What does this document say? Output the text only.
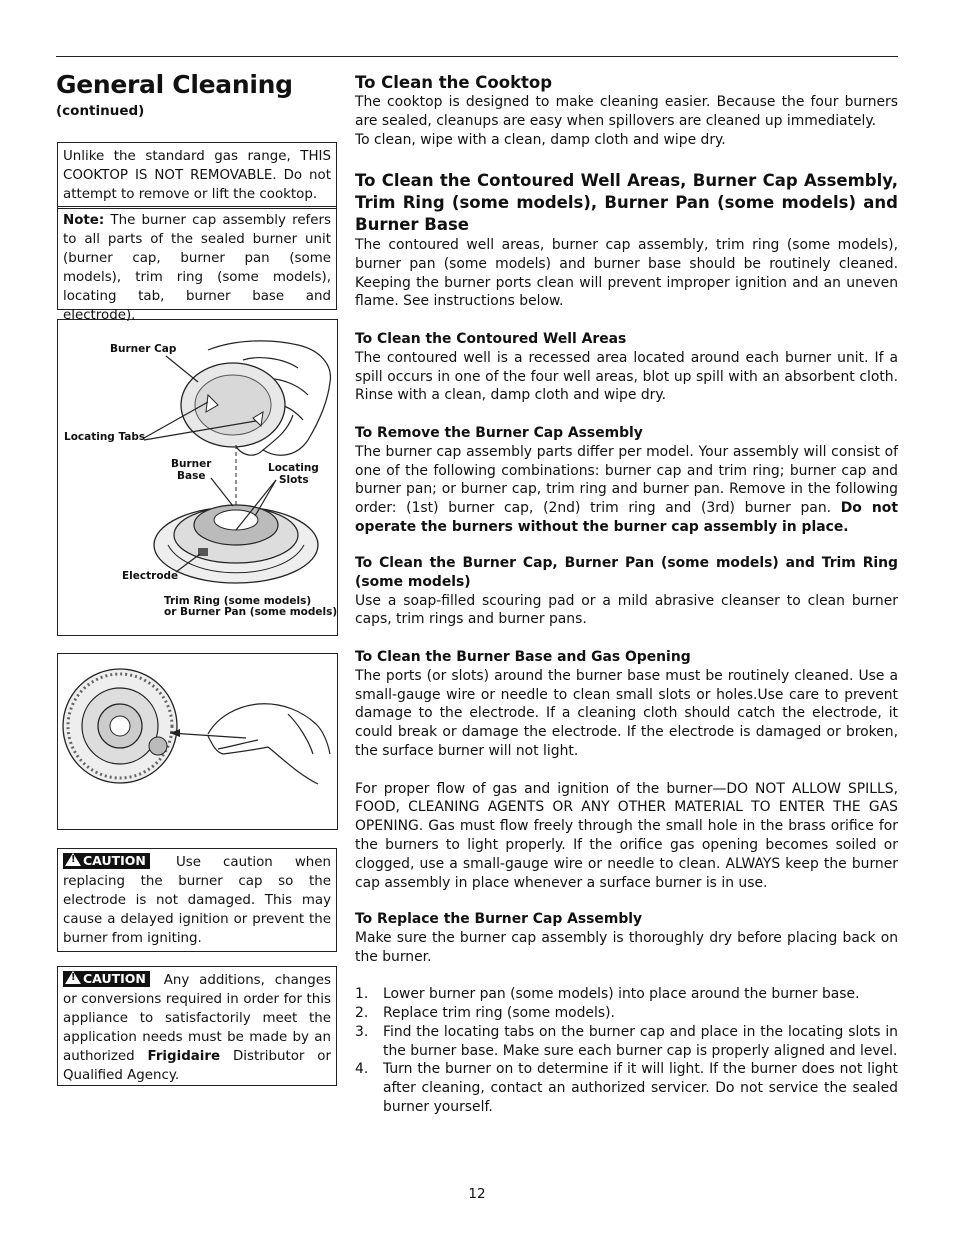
General Cleaning
(continued)
Unlike the standard gas range, THIS COOKTOP IS NOT REMOVABLE. Do not attempt to remove or lift the cooktop.
Note: The burner cap assembly refers to all parts of the sealed burner unit (burner cap, burner pan (some models), trim ring (some models), locating tab, burner base and electrode).
Burner Cap
Locating Tabs
Burner
Base
Locating
Slots
Electrode
Trim Ring (some models)
or Burner Pan (some models)
! CAUTION Use caution when replacing the burner cap so the electrode is not damaged. This may cause a delayed ignition or prevent the burner from igniting.
! CAUTION Any additions, changes or conversions required in order for this appliance to satisfactorily meet the application needs must be made by an authorized Frigidaire Distributor or Qualified Agency.
To Clean the Cooktop

The cooktop is designed to make cleaning easier. Because the four burners are sealed, cleanups are easy when spillovers are cleaned up immediately.

To clean, wipe with a clean, damp cloth and wipe dry.

To Clean the Contoured Well Areas, Burner Cap Assembly, Trim Ring (some models), Burner Pan (some models) and Burner Base

The contoured well areas, burner cap assembly, trim ring (some models), burner pan (some models) and burner base should be routinely cleaned. Keeping the burner ports clean will prevent improper ignition and an uneven flame. See instructions below.

To Clean the Contoured Well Areas

The contoured well is a recessed area located around each burner unit. If a spill occurs in one of the four well areas, blot up spill with an absorbent cloth. Rinse with a clean, damp cloth and wipe dry.

To Remove the Burner Cap Assembly

The burner cap assembly parts differ per model. Your assembly will consist of one of the following combinations: burner cap and trim ring; burner cap and burner pan; or burner cap, trim ring and burner pan. Remove in the following order: (1st) burner cap, (2nd) trim ring and (3rd) burner pan. Do not operate the burners without the burner cap assembly in place.

To Clean the Burner Cap, Burner Pan (some models) and Trim Ring (some models)

Use a soap-filled scouring pad or a mild abrasive cleanser to clean burner caps, trim rings and burner pans.

To Clean the Burner Base and Gas Opening

The ports (or slots) around the burner base must be routinely cleaned. Use a small-gauge wire or needle to clean small slots or holes.Use care to prevent damage to the electrode. If a cleaning cloth should catch the electrode, it could break or damage the electrode. If the electrode is damaged or broken, the surface burner will not light.

For proper flow of gas and ignition of the burner—DO NOT ALLOW SPILLS, FOOD, CLEANING AGENTS OR ANY OTHER MATERIAL TO ENTER THE GAS OPENING. Gas must flow freely through the small hole in the brass orifice for the burners to light properly. If the orifice gas opening becomes soiled or clogged, use a small-gauge wire or needle to clean. ALWAYS keep the burner cap assembly in place whenever a surface burner is in use.

To Replace the Burner Cap Assembly

Make sure the burner cap assembly is thoroughly dry before placing back on the burner.

1. Lower burner pan (some models) into place around the burner base.
2. Replace trim ring (some models).
3. Find the locating tabs on the burner cap and place in the locating slots in the burner base. Make sure each burner cap is properly aligned and level.
4. Turn the burner on to determine if it will light. If the burner does not light after cleaning, contact an authorized servicer. Do not service the sealed burner yourself.
12
